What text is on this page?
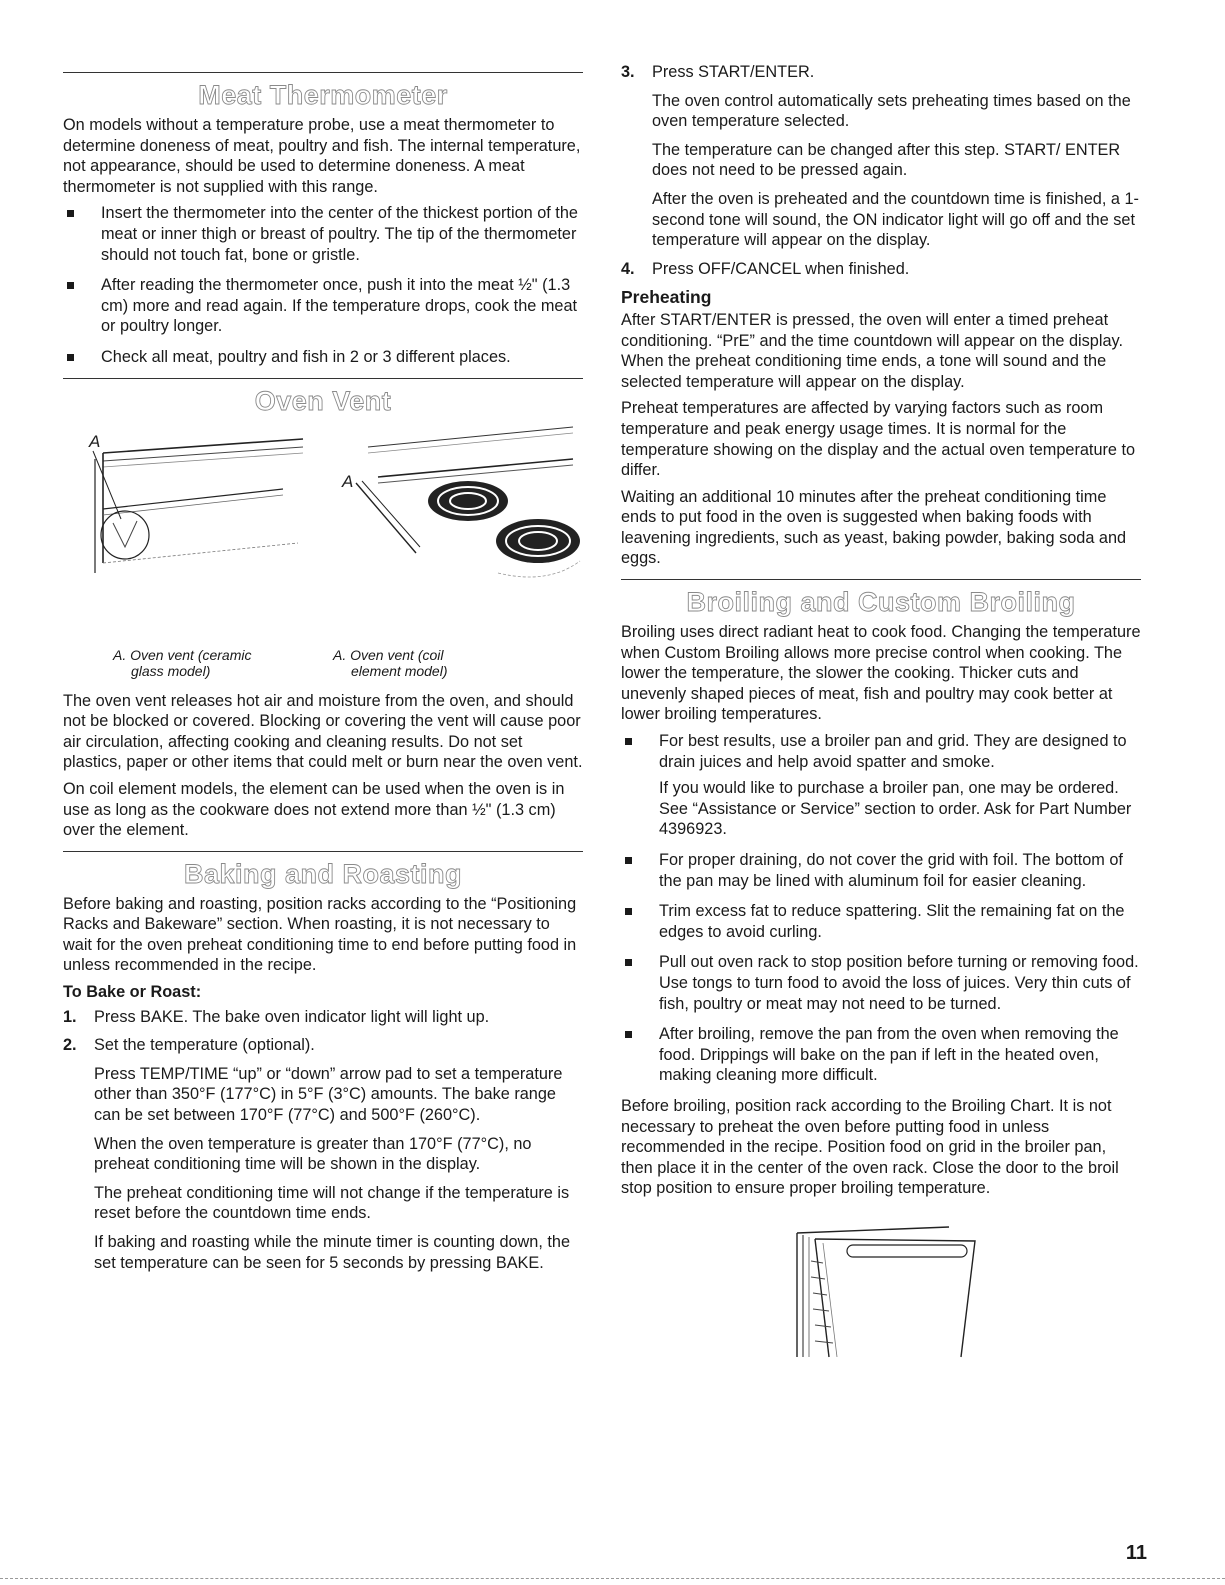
Meat Thermometer

On models without a temperature probe, use a meat thermometer to determine doneness of meat, poultry and fish. The internal temperature, not appearance, should be used to determine doneness. A meat thermometer is not supplied with this range.

Insert the thermometer into the center of the thickest portion of the meat or inner thigh or breast of poultry. The tip of the thermometer should not touch fat, bone or gristle.
After reading the thermometer once, push it into the meat ½" (1.3 cm) more and read again. If the temperature drops, cook the meat or poultry longer.
Check all meat, poultry and fish in 2 or 3 different places.
Oven Vent
A
A
A. Oven vent (ceramic
glass model)
A. Oven vent (coil
element model)

The oven vent releases hot air and moisture from the oven, and should not be blocked or covered. Blocking or covering the vent will cause poor air circulation, affecting cooking and cleaning results. Do not set plastics, paper or other items that could melt or burn near the oven vent.

On coil element models, the element can be used when the oven is in use as long as the cookware does not extend more than ½" (1.3 cm) over the element.

Baking and Roasting

Before baking and roasting, position racks according to the “Positioning Racks and Bakeware” section. When roasting, it is not necessary to wait for the oven preheat conditioning time to end before putting food in unless recommended in the recipe.

To Bake or Roast:
1. Press BAKE. The bake oven indicator light will light up.

2. Set the temperature (optional).

Press TEMP/TIME “up” or “down” arrow pad to set a temperature other than 350°F (177°C) in 5°F (3°C) amounts. The bake range can be set between 170°F (77°C) and 500°F (260°C).

When the oven temperature is greater than 170°F (77°C), no preheat conditioning time will be shown in the display.

The preheat conditioning time will not change if the temperature is reset before the countdown time ends.

If baking and roasting while the minute timer is counting down, the set temperature can be seen for 5 seconds by pressing BAKE.

3. Press START/ENTER.

The oven control automatically sets preheating times based on the oven temperature selected.

The temperature can be changed after this step. START/ ENTER does not need to be pressed again.

After the oven is preheated and the countdown time is finished, a 1-second tone will sound, the ON indicator light will go off and the set temperature will appear on the display.

4. Press OFF/CANCEL when finished.

Preheating

After START/ENTER is pressed, the oven will enter a timed preheat conditioning. “PrE” and the time countdown will appear on the display. When the preheat conditioning time ends, a tone will sound and the selected temperature will appear on the display.

Preheat temperatures are affected by varying factors such as room temperature and peak energy usage times. It is normal for the temperature showing on the display and the actual oven temperature to differ.

Waiting an additional 10 minutes after the preheat conditioning time ends to put food in the oven is suggested when baking foods with leavening ingredients, such as yeast, baking powder, baking soda and eggs.

Broiling and Custom Broiling

Broiling uses direct radiant heat to cook food. Changing the temperature when Custom Broiling allows more precise control when cooking. The lower the temperature, the slower the cooking. Thicker cuts and unevenly shaped pieces of meat, fish and poultry may cook better at lower broiling temperatures.

For best results, use a broiler pan and grid. They are designed to drain juices and help avoid spatter and smoke.

If you would like to purchase a broiler pan, one may be ordered. See “Assistance or Service” section to order. Ask for Part Number 4396923.

For proper draining, do not cover the grid with foil. The bottom of the pan may be lined with aluminum foil for easier cleaning.
Trim excess fat to reduce spattering. Slit the remaining fat on the edges to avoid curling.
Pull out oven rack to stop position before turning or removing food. Use tongs to turn food to avoid the loss of juices. Very thin cuts of fish, poultry or meat may not need to be turned.
After broiling, remove the pan from the oven when removing the food. Drippings will bake on the pan if left in the heated oven, making cleaning more difficult.

Before broiling, position rack according to the Broiling Chart. It is not necessary to preheat the oven before putting food in unless recommended in the recipe. Position food on grid in the broiler pan, then place it in the center of the oven rack. Close the door to the broil stop position to ensure proper broiling temperature.

11
